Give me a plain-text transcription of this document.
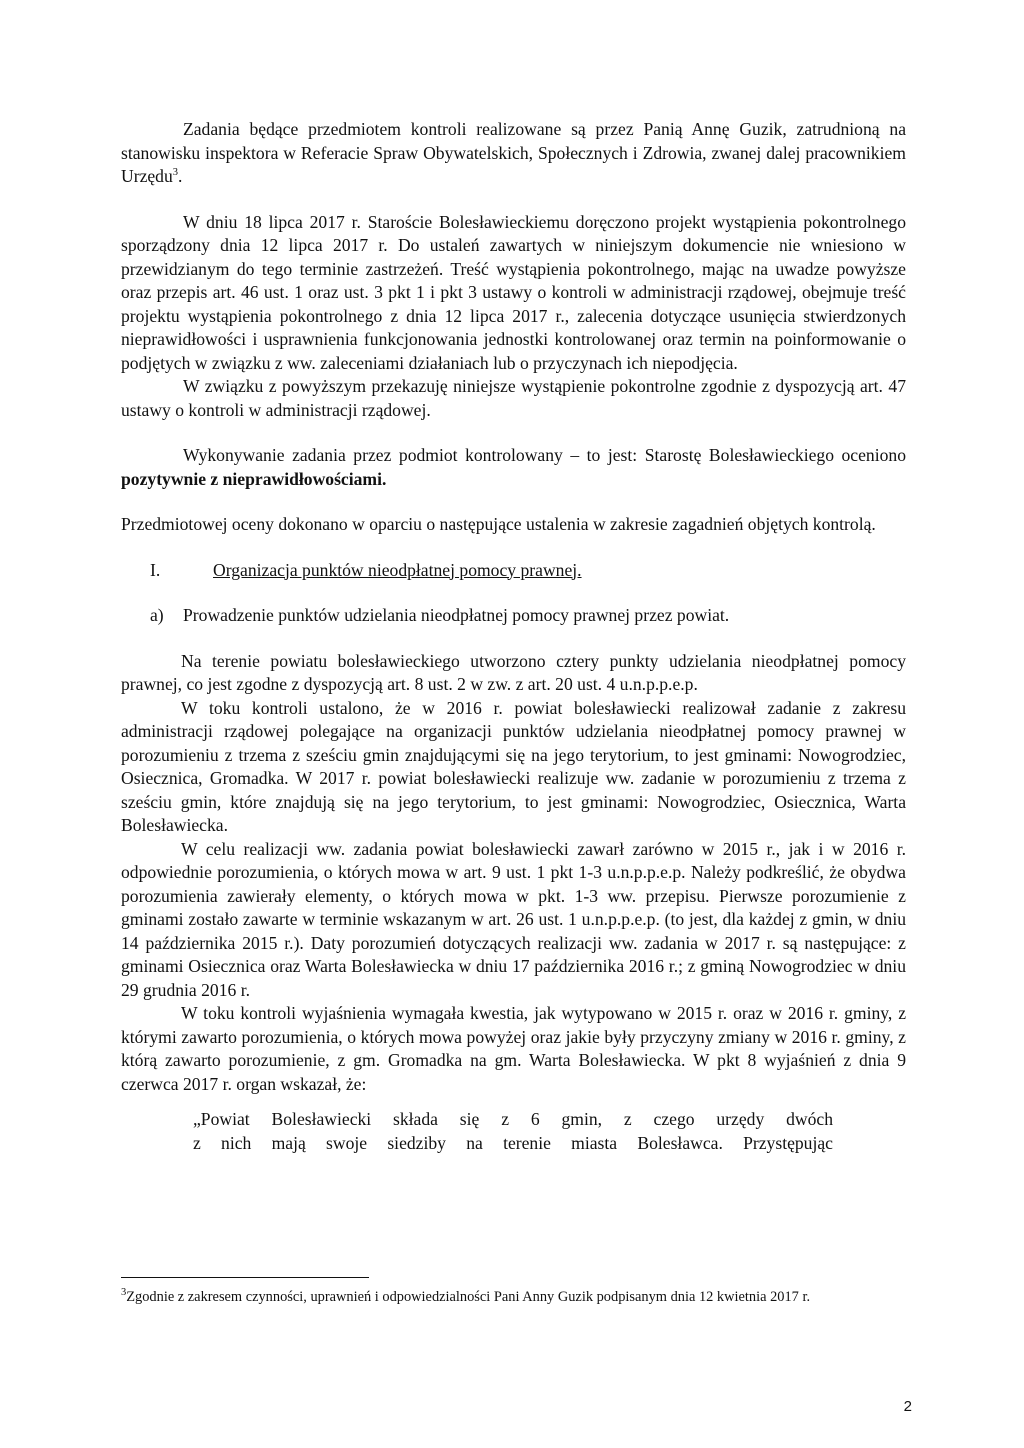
Zadania będące przedmiotem kontroli realizowane są przez Panią Annę Guzik, zatrudnioną na stanowisku inspektora w Referacie Spraw Obywatelskich, Społecznych i Zdrowia, zwanej dalej pracownikiem Urzędu$^3$.

W dniu 18 lipca 2017 r. Staroście Bolesławieckiemu doręczono projekt wystąpienia pokontrolnego sporządzony dnia 12 lipca 2017 r. Do ustaleń zawartych w niniejszym dokumencie nie wniesiono w przewidzianym do tego terminie zastrzeżeń. Treść wystąpienia pokontrolnego, mając na uwadze powyższe oraz przepis art. 46 ust. 1 oraz ust. 3 pkt 1 i pkt 3 ustawy o kontroli w administracji rządowej, obejmuje treść projektu wystąpienia pokontrolnego z dnia 12 lipca 2017 r., zalecenia dotyczące usunięcia stwierdzonych nieprawidłowości i usprawnienia funkcjonowania jednostki kontrolowanej oraz termin na poinformowanie o podjętych w związku z ww. zaleceniami działaniach lub o przyczynach ich niepodjęcia.

W związku z powyższym przekazuję niniejsze wystąpienie pokontrolne zgodnie z dyspozycją art. 47 ustawy o kontroli w administracji rządowej.

Wykonywanie zadania przez podmiot kontrolowany – to jest: Starostę Bolesławieckiego oceniono pozytywnie z nieprawidłowościami.

Przedmiotowej oceny dokonano w oparciu o następujące ustalenia w zakresie zagadnień objętych kontrolą.

I.	Organizacja punktów nieodpłatnej pomocy prawnej.

a) Prowadzenie punktów udzielania nieodpłatnej pomocy prawnej przez powiat.

Na terenie powiatu bolesławieckiego utworzono cztery punkty udzielania nieodpłatnej pomocy prawnej, co jest zgodne z dyspozycją art. 8 ust. 2 w zw. z art. 20 ust. 4 u.n.p.p.e.p.

W toku kontroli ustalono, że w 2016 r. powiat bolesławiecki realizował zadanie z zakresu administracji rządowej polegające na organizacji punktów udzielania nieodpłatnej pomocy prawnej w porozumieniu z trzema z sześciu gmin znajdującymi się na jego terytorium, to jest gminami: Nowogrodziec, Osiecznica, Gromadka. W 2017 r. powiat bolesławiecki realizuje ww. zadanie w porozumieniu z trzema z sześciu gmin, które znajdują się na jego terytorium, to jest gminami: Nowogrodziec, Osiecznica, Warta Bolesławiecka.

W celu realizacji ww. zadania powiat bolesławiecki zawarł zarówno w 2015 r., jak i w 2016 r. odpowiednie porozumienia, o których mowa w art. 9 ust. 1 pkt 1-3 u.n.p.p.e.p. Należy podkreślić, że obydwa porozumienia zawierały elementy, o których mowa w pkt. 1-3 ww. przepisu. Pierwsze porozumienie z gminami zostało zawarte w terminie wskazanym w art. 26 ust. 1 u.n.p.p.e.p. (to jest, dla każdej z gmin, w dniu 14 października 2015 r.). Daty porozumień dotyczących realizacji ww. zadania w 2017 r. są następujące: z gminami Osiecznica oraz Warta Bolesławiecka w dniu 17 października 2016 r.; z gminą Nowogrodziec w dniu 29 grudnia 2016 r.

W toku kontroli wyjaśnienia wymagała kwestia, jak wytypowano w 2015 r. oraz w 2016 r. gminy, z którymi zawarto porozumienia, o których mowa powyżej oraz jakie były przyczyny zmiany w 2016 r. gminy, z którą zawarto porozumienie, z gm. Gromadka na gm. Warta Bolesławiecka. W pkt 8 wyjaśnień z dnia 9 czerwca 2017 r. organ wskazał, że:

„Powiat Bolesławiecki składa się z 6 gmin, z czego urzędy dwóch

z nich mają swoje siedziby na terenie miasta Bolesławca. Przystępując

$^3$Zgodnie z zakresem czynności, uprawnień i odpowiedzialności Pani Anny Guzik podpisanym dnia 12 kwietnia 2017 r.

2
